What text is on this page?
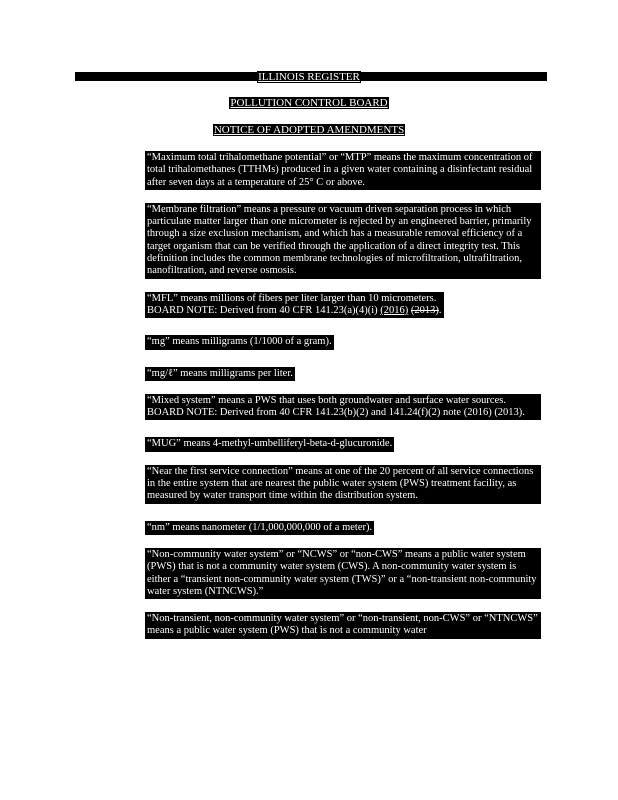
ILLINOIS REGISTER
POLLUTION CONTROL BOARD
NOTICE OF ADOPTED AMENDMENTS
“Maximum total trihalomethane potential” or “MTP” means the maximum concentration of total trihalomethanes (TTHMs) produced in a given water containing a disinfectant residual after seven days at a temperature of 25° C or above.
“Membrane filtration” means a pressure or vacuum driven separation process in which particulate matter larger than one micrometer is rejected by an engineered barrier, primarily through a size exclusion mechanism, and which has a measurable removal efficiency of a target organism that can be verified through the application of a direct integrity test. This definition includes the common membrane technologies of microfiltration, ultrafiltration, nanofiltration, and reverse osmosis.
“MFL” means millions of fibers per liter larger than 10 micrometers.
BOARD NOTE: Derived from 40 CFR 141.23(a)(4)(i) (2016) (2013).
“mg” means milligrams (1/1000 of a gram).
“mg/ℓ” means milligrams per liter.
“Mixed system” means a PWS that uses both groundwater and surface water sources.
BOARD NOTE: Derived from 40 CFR 141.23(b)(2) and 141.24(f)(2) note (2016) (2013).
“MUG” means 4-methyl-umbelliferyl-beta-d-glucuronide.
“Near the first service connection” means at one of the 20 percent of all service connections in the entire system that are nearest the public water system (PWS) treatment facility, as measured by water transport time within the distribution system.
“nm” means nanometer (1/1,000,000,000 of a meter).
“Non-community water system” or “NCWS” or “non-CWS” means a public water system (PWS) that is not a community water system (CWS). A non-community water system is either a “transient non-community water system (TWS)” or a “non-transient non-community water system (NTNCWS).”
“Non-transient, non-community water system” or “non-transient, non-CWS” or “NTNCWS” means a public water system (PWS) that is not a community water
